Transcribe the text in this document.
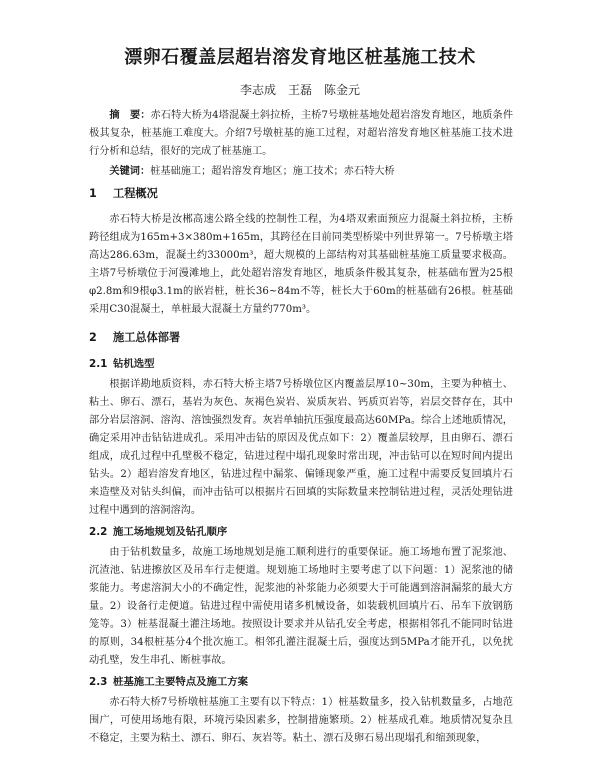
漂卵石覆盖层超岩溶发育地区桩基施工技术
李志成　王磊　陈金元

摘　要：赤石特大桥为4塔混凝土斜拉桥，主桥7号墩桩基地处超岩溶发育地区，地质条件极其复杂，桩基施工难度大。介绍7号墩桩基的施工过程，对超岩溶发育地区桩基施工技术进行分析和总结，很好的完成了桩基施工。

关键词：桩基础施工；超岩溶发育地区；施工技术；赤石特大桥

1 工程概况

赤石特大桥是汝郴高速公路全线的控制性工程，为4塔双索面预应力混凝土斜拉桥，主桥跨径组成为165m+3×380m+165m，其跨径在目前同类型桥梁中列世界第一。7号桥墩主塔高达286.63m，混凝土约33000m³，超大规模的上部结构对其基础桩基施工质量要求极高。主塔7号桥墩位于河漫滩地上，此处超岩溶发育地区，地质条件极其复杂，桩基础布置为25根φ2.8m和9根φ3.1m的嵌岩桩，桩长36~84m不等，桩长大于60m的桩基础有26根。桩基础采用C30混凝土，单桩最大混凝土方量约770m³。

2 施工总体部署
2.1 钻机选型

根据详勘地质资料，赤石特大桥主塔7号桥墩位区内覆盖层厚10~30m，主要为种植土、粘土、卵石、漂石，基岩为灰色、灰褐色炭岩、炭质灰岩、钙质页岩等，岩层交替存在，其中部分岩层溶洞、溶沟、溶蚀强烈发育。灰岩单轴抗压强度最高达60MPa。综合上述地质情况，确定采用冲击钻钻进成孔。采用冲击钻的原因及优点如下：2）覆盖层较厚，且由卵石、漂石组成，成孔过程中孔壁极不稳定，钻进过程中塌孔现象时常出现，冲击钻可以在短时间内提出钻头。2）超岩溶发育地区，钻进过程中漏浆、偏锤现象严重，施工过程中需要反复回填片石来造壁及对钻头纠偏，而冲击钻可以根据片石回填的实际数量来控制钻进过程，灵活处理钻进过程中遇到的溶洞溶沟。

2.2 施工场地规划及钻孔顺序

由于钻机数量多，故施工场地规划是施工顺利进行的重要保证。施工场地布置了泥浆池、沉渣池、钻进擦放区及吊车行走便道。规划施工场地时主要考虑了以下问题：1）泥浆池的储浆能力。考虑溶洞大小的不确定性，泥浆池的补浆能力必须要大于可能遇到溶洞漏浆的最大方量。2）设备行走便道。钻进过程中需使用诸多机械设备，如装载机回填片石、吊车下放钢筋笼等。3）桩基混凝土灌注场地。按照设计要求并从钻孔安全考虑，根据相邻孔不能同时钻进的原则，34根桩基分4个批次施工。相邻孔灌注混凝土后，强度达到5MPa才能开孔，以免扰动孔壁，发生串孔、断桩事故。

2.3 桩基施工主要特点及施工方案

赤石特大桥7号桥墩桩基施工主要有以下特点：1）桩基数量多，投入钻机数量多，占地范围广，可使用场地有限，环境污染因素多，控制措施繁琐。2）桩基成孔难。地质情况复杂且不稳定，主要为粘土、漂石、卵石、灰岩等。粘土、漂石及卵石易出现塌孔和缩颈现象，
